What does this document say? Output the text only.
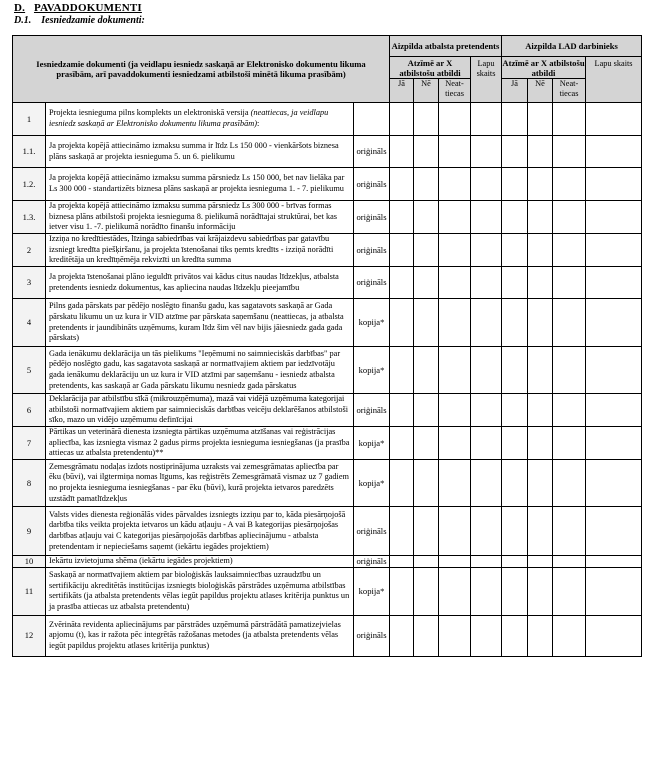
D. PAVADDOKUMENTI
D.1. Iesniedzamie dokumenti:
Iesniedzamie dokumenti (ja veidlapu iesniedz saskaņā ar Elektronisko dokumentu likuma prasībām, arī pavaddokumenti iesniedzami atbilstoši minētā likuma prasībām)			Aizpilda atbalsta pretendents				Aizpilda LAD darbinieks			
			Atzīmē ar X atbilstošu atbildi			Lapu skaits	Atzīmē ar X atbilstošu atbildi			Lapu skaits
			Jā	Nē	Neat-tiecas		Jā	Nē	Neat-tiecas	

1	Projekta iesnieguma pilns komplekts un elektroniskā versija (neattiecas, ja veidlapu iesniedz saskaņā ar Elektronisko dokumentu likuma prasībām):									
1.1.	Ja projekta kopējā attiecināmo izmaksu summa ir līdz Ls 150 000 - vienkāršots biznesa plāns saskaņā ar projekta iesnieguma 5. un 6. pielikumu	oriģināls								
1.2.	Ja projekta kopējā attiecināmo izmaksu summa pārsniedz Ls 150 000, bet nav lielāka par Ls 300 000 - standartizēts biznesa plāns saskaņā ar projekta iesnieguma 1. - 7. pielikumu	oriģināls								
1.3.	Ja projekta kopējā attiecināmo izmaksu summa pārsniedz Ls 300 000 - brīvas formas biznesa plāns atbilstoši projekta iesnieguma 8. pielikumā norādītajai struktūrai, bet kas ietver visu 1. -7. pielikumā norādīto finanšu informāciju	oriģināls								
2	Izziņa no kredītiestādes, līzinga sabiedrības vai krājaizdevu sabiedrības par gatavību izsniegt kredīta piešķiršanu, ja projekta īstenošanai tiks ņemts kredīts - izziņā norādīti kreditētāja un kredītņēmēja rekvizīti un kredīta summa	oriģināls								
3	Ja projekta īstenošanai plāno ieguldīt privātos vai kādus citus naudas līdzekļus, atbalsta pretendents iesniedz dokumentus, kas apliecina naudas līdzekļu pieejamību	oriģināls								
4	Pilns gada pārskats par pēdējo noslēgto finanšu gadu, kas sagatavots saskaņā ar Gada pārskatu likumu un uz kura ir VID atzīme par pārskata saņemšanu (neattiecas, ja atbalsta pretendents ir jaundibināts uzņēmums, kuram līdz šim vēl nav bijis jāiesniedz gada gada pārskats)	kopija*								
5	Gada ienākumu deklarācija un tās pielikums "Ieņēmumi no saimnieciskās darbības" par pēdējo noslēgto gadu, kas sagatavota saskaņā ar normatīvajiem aktiem par iedzīvotāju gada ienākumu deklarāciju un uz kura ir VID atzīmi par saņemšanu - iesniedz atbalsta pretendents, kas saskaņā ar Gada pārskatu likumu nesniedz gada pārskatus	kopija*								
6	Deklarācija par atbilstību sīkā (mikrouzņēmuma), mazā vai vidējā uzņēmuma kategorijai atbilstoši normatīvajiem aktiem par saimnieciskās darbības veicēju deklarēšanos atbilstoši sīko, mazo un vidējo uzņēmumu definīcijai	oriģināls								
7	Pārtikas un veterinārā dienesta izsniegta pārtikas uzņēmuma atzīšanas vai reģistrācijas apliecība, kas izsniegta vismaz 2 gadus pirms projekta iesnieguma iesniegšanas (ja prasība attiecas uz atbalsta pretendentu)**	kopija*								
8	Zemesgrāmatu nodaļas izdots nostiprinājuma uzraksts vai zemesgrāmatas apliecība par ēku (būvi), vai ilgtermiņa nomas līgums, kas reģistrēts Zemesgrāmatā vismaz uz 7 gadiem no projekta iesnieguma iesniegšanas - par ēku (būvi), kurā projekta ietvaros paredzēts uzstādīt pamatlīdzekļus	kopija*								
9	Valsts vides dienesta reģionālās vides pārvaldes izsniegts izziņu par to, kāda piesārņojošā darbība tiks veikta projekta ietvaros un kādu atļauju - A vai B kategorijas piesārņojošas darbības atļauju vai C kategorijas piesārņojošās darbības apliecinājumu - atbalsta pretendentam ir nepieciešams saņemt (iekārtu iegādes projektiem)	oriģināls								
10	Iekārtu izvietojuma shēma (iekārtu iegādes projektiem)	oriģināls								
11	Saskaņā ar normatīvajiem aktiem par bioloģiskās lauksaimniecības uzraudzību un sertifikāciju akreditētās institūcijas izsniegts bioloģiskās pārstrādes uzņēmuma atbilstības sertifikāts (ja atbalsta pretendents vēlas iegūt papildus projektu atlases kritērija punktus un ja prasība attiecas uz atbalsta pretendentu)	kopija*								
12	Zvērināta revidenta apliecinājums par pārstrādes uzņēmumā pārstrādātā pamatizejvielas apjomu (t), kas ir ražota pēc integrētās ražošanas metodes (ja atbalsta pretendents vēlas iegūt papildus projektu atlases kritērija punktus)	oriģināls								
